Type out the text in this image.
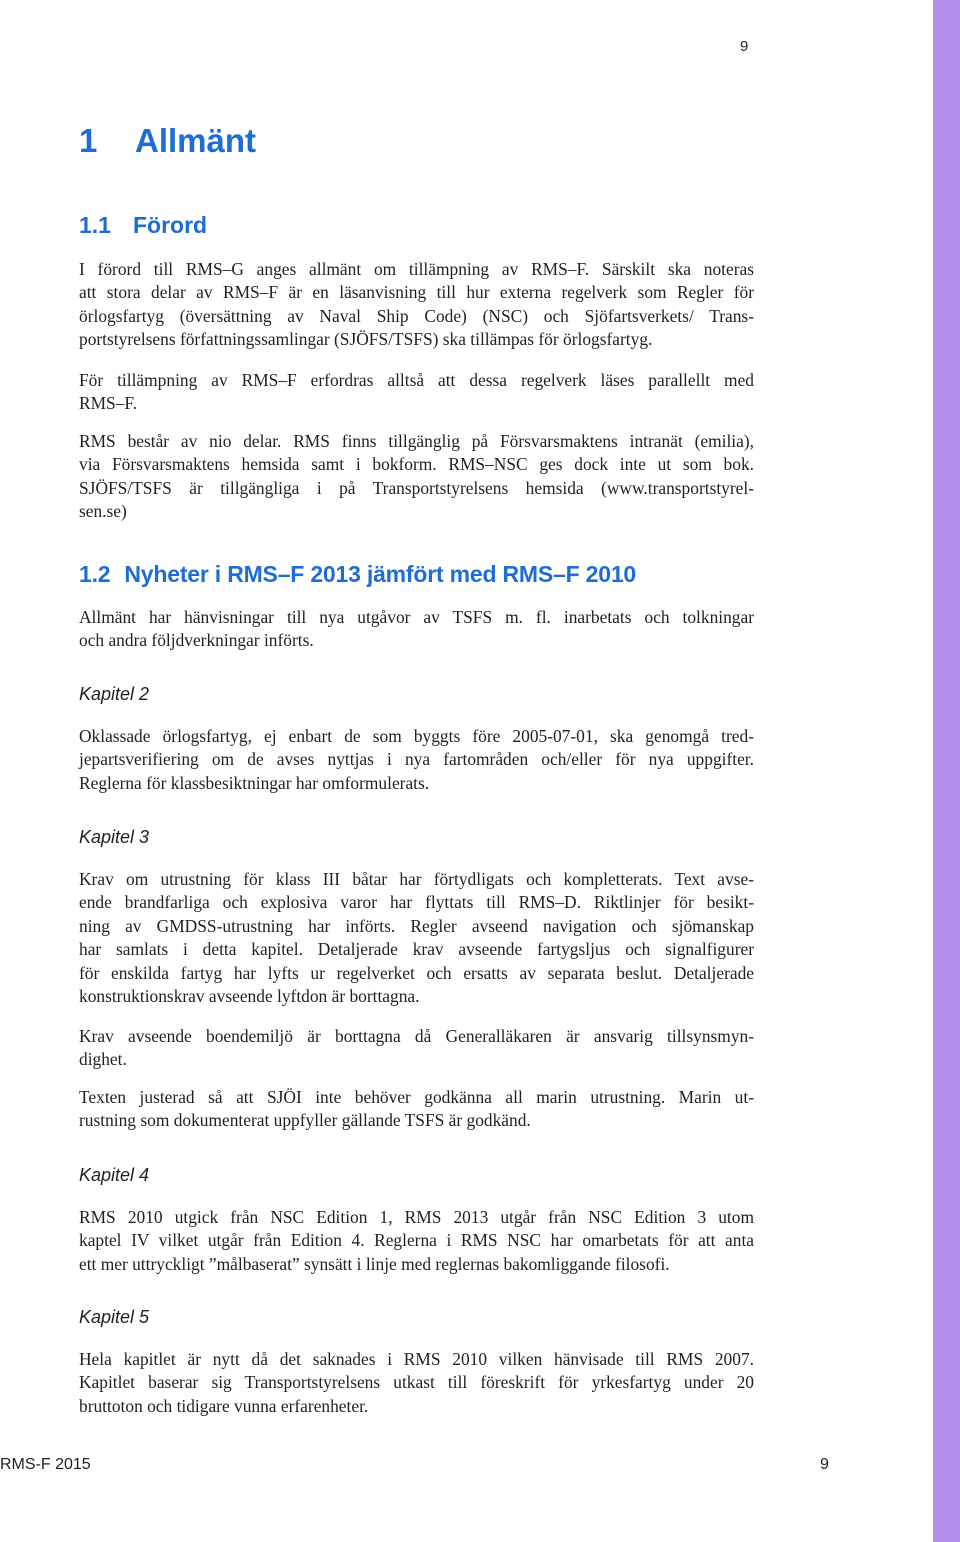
9
1 Allmänt
1.1 Förord

I förord till RMS–G anges allmänt om tillämpning av RMS–F. Särskilt ska noteras
att stora delar av RMS–F är en läsanvisning till hur externa regelverk som Regler för
örlogsfartyg (översättning av Naval Ship Code) (NSC) och Sjöfartsverkets/ Trans-
portstyrelsens författningssamlingar (SJÖFS/TSFS) ska tillämpas för örlogsfartyg.

För tillämpning av RMS–F erfordras alltså att dessa regelverk läses parallellt med
RMS–F.

RMS består av nio delar. RMS finns tillgänglig på Försvarsmaktens intranät (emilia),
via Försvarsmaktens hemsida samt i bokform. RMS–NSC ges dock inte ut som bok.
SJÖFS/TSFS är tillgängliga i på Transportstyrelsens hemsida (www.transportstyrel-
sen.se)

1.2 Nyheter i RMS–F 2013 jämfört med RMS–F 2010

Allmänt har hänvisningar till nya utgåvor av TSFS m. fl. inarbetats och tolkningar
och andra följdverkningar införts.

Kapitel 2

Oklassade örlogsfartyg, ej enbart de som byggts före 2005-07-01, ska genomgå tred-
jepartsverifiering om de avses nyttjas i nya fartområden och/eller för nya uppgifter.
Reglerna för klassbesiktningar har omformulerats.

Kapitel 3

Krav om utrustning för klass III båtar har förtydligats och kompletterats. Text avse-
ende brandfarliga och explosiva varor har flyttats till RMS–D. Riktlinjer för besikt-
ning av GMDSS-utrustning har införts. Regler avseend navigation och sjömanskap
har samlats i detta kapitel. Detaljerade krav avseende fartygsljus och signalfigurer
för enskilda fartyg har lyfts ur regelverket och ersatts av separata beslut. Detaljerade
konstruktionskrav avseende lyftdon är borttagna.

Krav avseende boendemiljö är borttagna då Generalläkaren är ansvarig tillsynsmyn-
dighet.

Texten justerad så att SJÖI inte behöver godkänna all marin utrustning. Marin ut-
rustning som dokumenterat uppfyller gällande TSFS är godkänd.

Kapitel 4

RMS 2010 utgick från NSC Edition 1, RMS 2013 utgår från NSC Edition 3 utom
kaptel IV vilket utgår från Edition 4. Reglerna i RMS NSC har omarbetats för att anta
ett mer uttryckligt ”målbaserat” synsätt i linje med reglernas bakomliggande filosofi.

Kapitel 5

Hela kapitlet är nytt då det saknades i RMS 2010 vilken hänvisade till RMS 2007.
Kapitlet baserar sig Transportstyrelsens utkast till föreskrift för yrkesfartyg under 20
bruttoton och tidigare vunna erfarenheter.

RMS-F 2015	9
